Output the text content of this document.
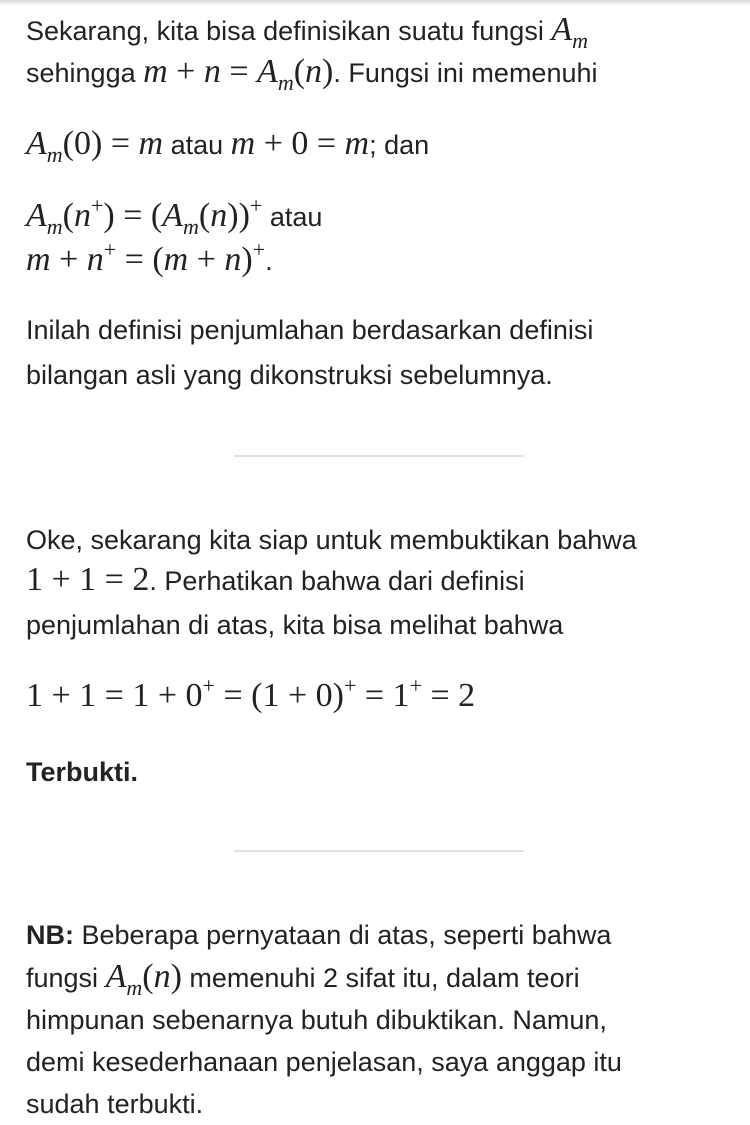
Sekarang, kita bisa definisikan suatu fungsi $A_m$
sehingga $m + n = A_m(n)$. Fungsi ini memenuhi
$A_m(0) = m$ atau m + 0 = m; dan
$A_m(n^+) = (A_m(n))^+$ atau
m + n+ = (m + n)+.
Inilah definisi penjumlahan berdasarkan definisi
bilangan asli yang dikonstruksi sebelumnya.
Oke, sekarang kita siap untuk membuktikan bahwa
1 + 1 = 2. Perhatikan bahwa dari definisi
penjumlahan di atas, kita bisa melihat bahwa
1 + 1 = 1 + 0+ = (1 + 0)+ = 1+ = 2
Terbukti.
NB: Beberapa pernyataan di atas, seperti bahwa
fungsi $A_m(n)$ memenuhi 2 sifat itu, dalam teori
himpunan sebenarnya butuh dibuktikan. Namun,
demi kesederhanaan penjelasan, saya anggap itu
sudah terbukti.
